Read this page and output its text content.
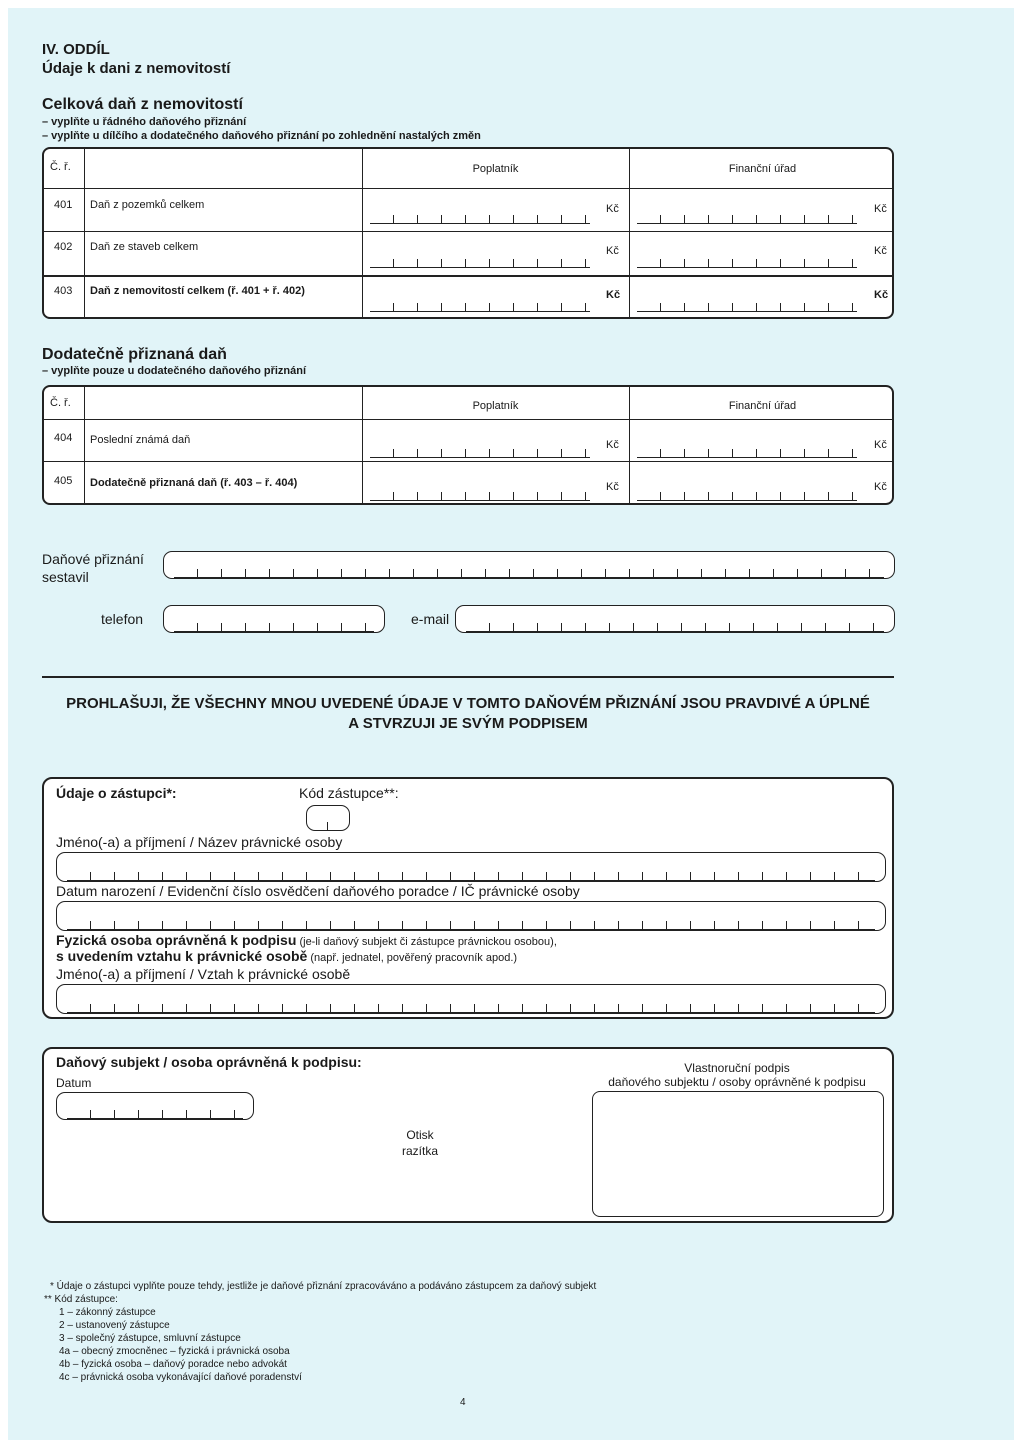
IV. ODDÍL
Údaje k dani z nemovitostí
Celková daň z nemovitostí
– vyplňte u řádného daňového přiznání
– vyplňte u dílčího a dodatečného daňového přiznání po zohlednění nastalých změn
Č. ř.	Poplatník	Finanční úřad
401 Daň z pozemků celkem	Kč	Kč
402 Daň ze staveb celkem	Kč	Kč
403 Daň z nemovitostí celkem (ř. 401 + ř. 402)	Kč	Kč
Dodatečně přiznaná daň
– vyplňte pouze u dodatečného daňového přiznání
Č. ř.	Poplatník	Finanční úřad
404 Poslední známá daň	Kč	Kč
405 Dodatečně přiznaná daň (ř. 403 – ř. 404)	Kč	Kč
Daňové přiznání
sestavil
telefon	e-mail
PROHLAŠUJI, ŽE VŠECHNY MNOU UVEDENÉ ÚDAJE V TOMTO DAŇOVÉM PŘIZNÁNÍ JSOU PRAVDIVÉ A ÚPLNÉ
A STVRZUJI JE SVÝM PODPISEM
Údaje o zástupci*:	Kód zástupce**:
Jméno(-a) a příjmení / Název právnické osoby
Datum narození / Evidenční číslo osvědčení daňového poradce / IČ právnické osoby
Fyzická osoba oprávněná k podpisu (je-li daňový subjekt či zástupce právnickou osobou),
s uvedením vztahu k právnické osobě (např. jednatel, pověřený pracovník apod.)
Jméno(-a) a příjmení / Vztah k právnické osobě
Daňový subjekt / osoba oprávněná k podpisu:
Datum
Otisk
razítka
Vlastnoruční podpis
daňového subjektu / osoby oprávněné k podpisu
* Údaje o zástupci vyplňte pouze tehdy, jestliže je daňové přiznání zpracováváno a podáváno zástupcem za daňový subjekt
** Kód zástupce:
1 – zákonný zástupce
2 – ustanovený zástupce
3 – společný zástupce, smluvní zástupce
4a – obecný zmocněnec – fyzická i právnická osoba
4b – fyzická osoba – daňový poradce nebo advokát
4c – právnická osoba vykonávající daňové poradenství
4
